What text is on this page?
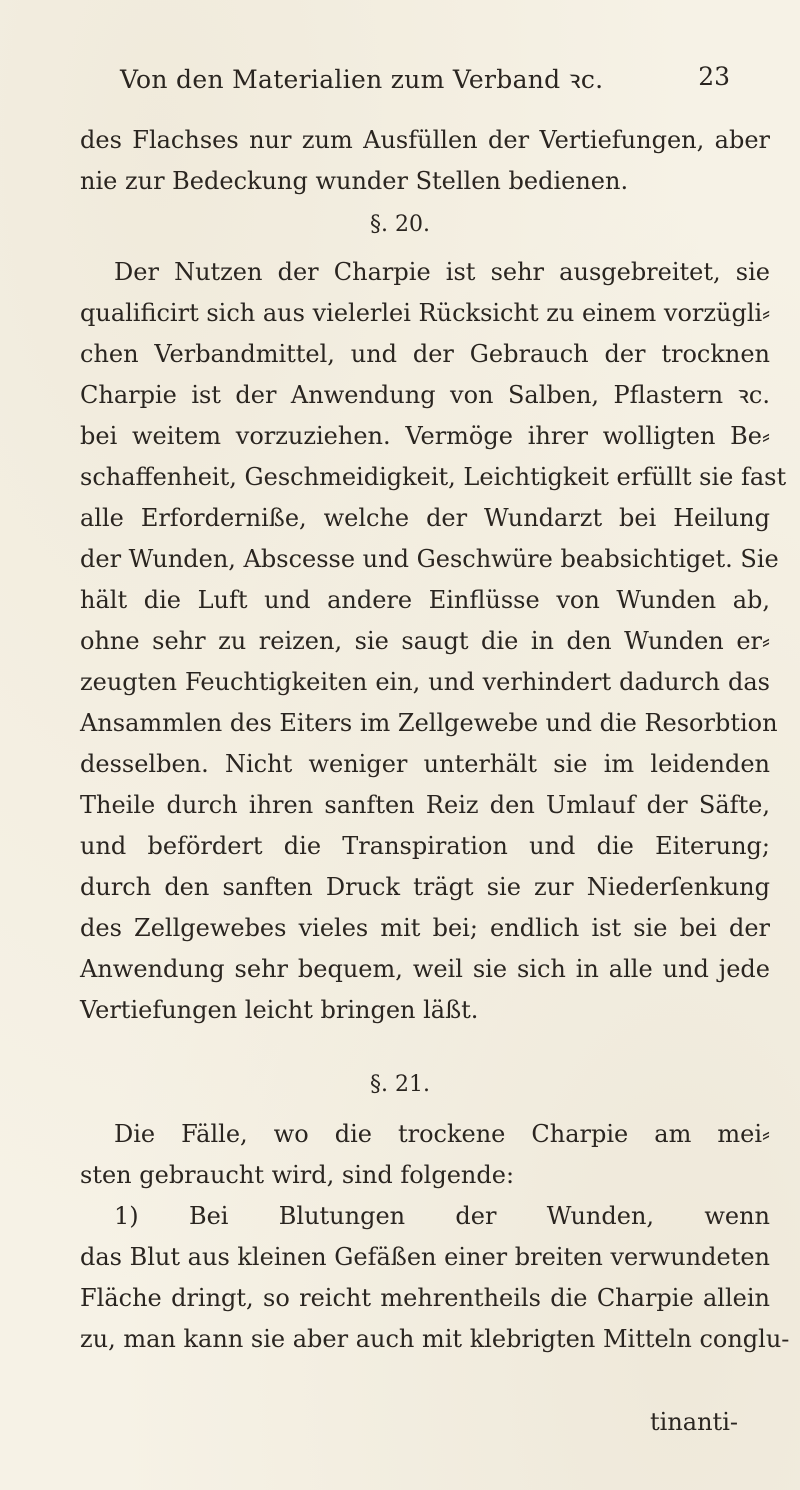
Von den Materialien zum Verband ꝛc.	23
des Flachses nur zum Ausfüllen der Vertiefungen, aber
nie zur Bedeckung wunder Stellen bedienen.
§. 20.
Der Nutzen der Charpie ist sehr ausgebreitet, sie
qualificirt sich aus vielerlei Rücksicht zu einem vorzügli⸗
chen Verbandmittel, und der Gebrauch der trocknen
Charpie ist der Anwendung von Salben, Pflastern ꝛc.
bei weitem vorzuziehen. Vermöge ihrer wolligten Be⸗
schaffenheit, Geschmeidigkeit, Leichtigkeit erfüllt sie fast
alle Erforderniße, welche der Wundarzt bei Heilung
der Wunden, Abscesse und Geschwüre beabsichtiget. Sie
hält die Luft und andere Einflüsse von Wunden ab,
ohne sehr zu reizen, sie saugt die in den Wunden er⸗
zeugten Feuchtigkeiten ein, und verhindert dadurch das
Ansammlen des Eiters im Zellgewebe und die Resorbtion
desselben. Nicht weniger unterhält sie im leidenden
Theile durch ihren sanften Reiz den Umlauf der Säfte,
und befördert die Transpiration und die Eiterung;
durch den sanften Druck trägt sie zur Niederſenkung
des Zellgewebes vieles mit bei; endlich ist sie bei der
Anwendung sehr bequem, weil sie sich in alle und jede
Vertiefungen leicht bringen läßt.
§. 21.
Die Fälle, wo die trockene Charpie am mei⸗
sten gebraucht wird, sind folgende:
1) Bei Blutungen der Wunden, wenn
das Blut aus kleinen Gefäßen einer breiten verwundeten
Fläche dringt, so reicht mehrentheils die Charpie allein
zu, man kann sie aber auch mit klebrigten Mitteln conglu-
tinanti-
